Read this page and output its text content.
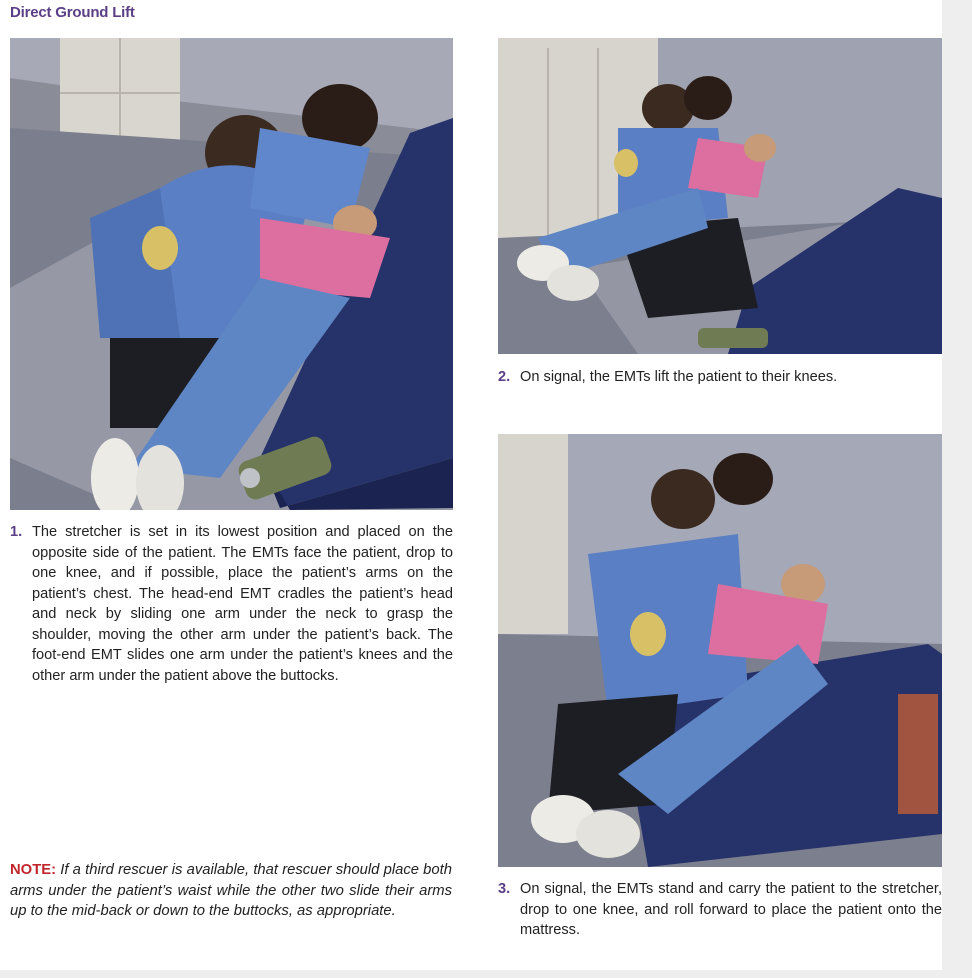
Direct Ground Lift
1. The stretcher is set in its lowest position and placed on the opposite side of the patient. The EMTs face the patient, drop to one knee, and if possible, place the patient’s arms on the patient’s chest. The head-end EMT cradles the patient’s head and neck by sliding one arm under the neck to grasp the shoulder, moving the other arm under the patient’s back. The foot-end EMT slides one arm under the patient’s knees and the other arm under the patient above the buttocks.
2. On signal, the EMTs lift the patient to their knees.
3. On signal, the EMTs stand and carry the patient to the stretcher, drop to one knee, and roll forward to place the patient onto the mattress.
NOTE: If a third rescuer is available, that rescuer should place both arms under the patient’s waist while the other two slide their arms up to the mid-back or down to the buttocks, as appropriate.
